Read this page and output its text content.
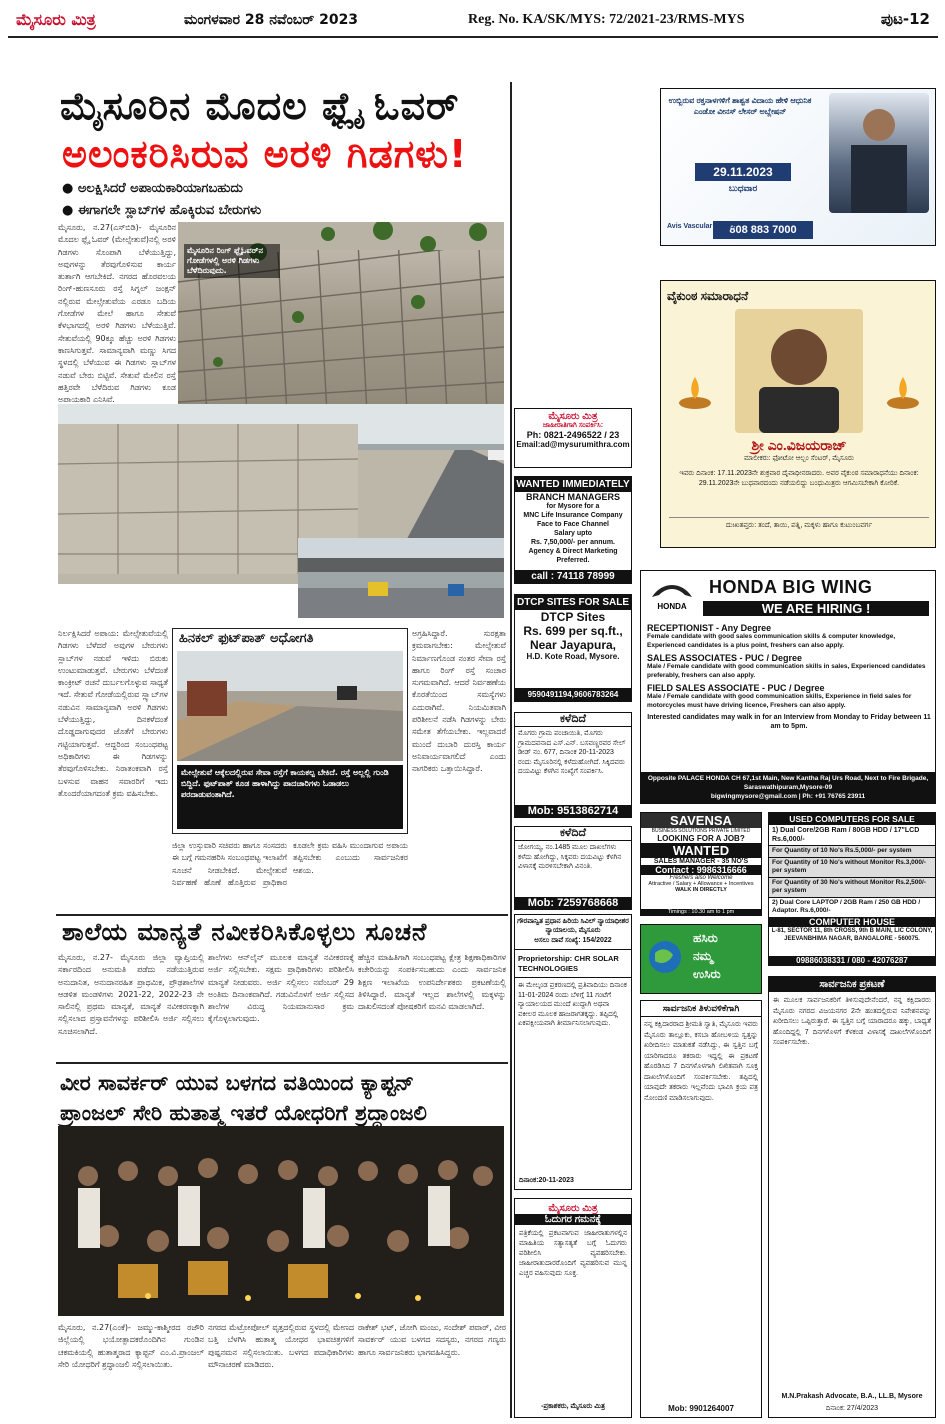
ಮೈಸೂರು ಮಿತ್ರ	ಮಂಗಳವಾರ 28 ನವೆಂಬರ್ 2023	Reg. No. KA/SK/MYS: 72/2021-23/RMS-MYS	ಪುಟ-12
ಮೈಸೂರಿನ ಮೊದಲ ಫ್ಲೈ ಓವರ್
ಅಲಂಕರಿಸಿರುವ ಅರಳಿ ಗಿಡಗಳು!
● ಅಲಕ್ಷಿಸಿದರೆ ಅಪಾಯಕಾರಿಯಾಗಬಹುದು
● ಈಗಾಗಲೇ ಸ್ಲಾಬ್‌ಗಳ ಹೊಕ್ಕಿರುವ ಬೇರುಗಳು
ಮೈಸೂರು, ನ.27(ಎಸ್‌ಬಿಡಿ)- ಮೈಸೂರಿನ ಮೊದಲ ಫ್ಲೈ ಓವರ್ (ಮೇಲ್ಸೇತುವೆ)ನಲ್ಲಿ ಅರಳಿ ಗಿಡಗಳು ಸೊಂಪಾಗಿ ಬೆಳೆಯುತ್ತಿದ್ದು, ಅವುಗಳನ್ನು ತೆರವುಗೊಳಿಸುವ ಕಾರ್ಯ ತುರ್ತಾಗಿ ಆಗಬೇಕಿದೆ. ನಗರದ ಹೊರವಲಯ ರಿಂಗ್-ಹುಣಸೂರು ರಸ್ತೆ ಸಿಗ್ನಲ್ ಜಂಕ್ಷನ್ ನಲ್ಲಿರುವ ಮೇಲ್ಸೇತುವೆಯ ಎರಡೂ ಬದಿಯ ಗೋಡೆಗಳ ಮೇಲೆ ಹಾಗೂ ಸೇತುವೆ ಕೆಳಭಾಗದಲ್ಲಿ ಅರಳಿ ಗಿಡಗಳು ಬೆಳೆಯುತ್ತಿವೆ. ಸೇತುವೆಯಲ್ಲಿ 90ಕ್ಕೂ ಹೆಚ್ಚು ಅರಳಿ ಗಿಡಗಳು ಕಾಣಸಿಗುತ್ತವೆ. ಸಾಮಾನ್ಯವಾಗಿ ಮಣ್ಣು ಸಿಗದ ಸ್ಥಳದಲ್ಲಿ ಬೆಳೆಯುವ ಈ ಗಿಡಗಳು ಸ್ಲಾಬ್‌ಗಳ ನಡುವೆ ಬೇರು ಬಿಟ್ಟಿವೆ. ಸೇತುವೆ ಮೇಲಿನ ರಸ್ತೆ ಹತ್ತಿರವೇ ಬೆಳೆದಿರುವ ಗಿಡಗಳು ಕೂಡ ಅಪಾಯಕಾರಿ ಎನಿಸಿವೆ.
ಮೈಸೂರಿನ ರಿಂಗ್ ಫ್ಲೈಓವರ್‌ನ ಗೋಡೆಗಳಲ್ಲಿ ಅರಳಿ ಗಿಡಗಳು ಬೆಳೆದಿರುವುದು.
ನಿರ್ಲಕ್ಷಿಸಿದರೆ ಅಪಾಯ: ಮೇಲ್ಸೇತುವೆಯಲ್ಲಿ ಗಿಡಗಳು ಬೆಳೆದರೆ ಅವುಗಳ ಬೇರುಗಳು ಸ್ಲಾಬ್‌ಗಳ ನಡುವೆ ಇಳಿದು ಬಿರುಕು ಉಂಟುಮಾಡುತ್ತವೆ. ಬೇರುಗಳು ಬೆಳೆದಂತೆ ಕಾಂಕ್ರೀಟ್ ರಚನೆ ದುರ್ಬಲಗೊಳ್ಳುವ ಸಾಧ್ಯತೆ ಇದೆ. ಸೇತುವೆ ಗೋಡೆಯಲ್ಲಿರುವ ಸ್ಲ್ಯಾಬ್‌ಗಳ ನಡುವಿನ ಸಾಮಾನ್ಯವಾಗಿ ಅರಳಿ ಗಿಡಗಳು ಬೆಳೆಯುತ್ತಿದ್ದು, ದಿನಕಳೆದಂತೆ ದೊಡ್ಡದಾಗುವುದರ ಜೊತೆಗೆ ಬೇರುಗಳು ಗಟ್ಟಿಯಾಗುತ್ತವೆ. ಆದ್ದರಿಂದ ಸಂಬಂಧಪಟ್ಟ ಅಧಿಕಾರಿಗಳು ಈ ಗಿಡಗಳನ್ನು ತೆರವುಗೊಳಿಸಬೇಕು. ನಿರಾತಂಕವಾಗಿ ರಸ್ತೆ ಬಳಸುವ ವಾಹನ ಸವಾರರಿಗೆ ಇದು ತೊಂದರೆಯಾಗದಂತೆ ಕ್ರಮ ವಹಿಸಬೇಕು.
ಹಿನಕಲ್ ಫುಟ್‌ಪಾತ್ ಅಧೋಗತಿ
ಮೇಲ್ಸೇತುವೆ ಆಕ್ಕೆಲದಲ್ಲಿರುವ ಸೇವಾ ರಸ್ತೆಗೆ ಕಾಯಕಲ್ಪ ಬೇಕಿದೆ. ರಸ್ತೆ ಅಲ್ಲಲ್ಲಿ ಗುಂಡಿ ಬಿದ್ದಿದೆ. ಫುಟ್‌ಪಾತ್ ಕೂಡ ಹಾಳಾಗಿದ್ದು ಪಾದಚಾರಿಗಳು ಓಡಾಡಲು ಪರದಾಡುವಂತಾಗಿದೆ.
ಅಗ್ರಹಿಸಿದ್ದಾರೆ. ಸುರಕ್ಷತಾ ಕ್ರಮವಾಗಬೇಕು: ಮೇಲ್ಸೇತುವೆ ನಿರ್ಮಾಣಗೊಂಡ ನಂತರ ಸೇವಾ ರಸ್ತೆ ಹಾಗೂ ರಿಂಗ್ ರಸ್ತೆ ಸಂಚಾರ ಸುಗಮವಾಗಿದೆ. ಆದರೆ ನಿರ್ವಹಣೆಯ ಕೊರತೆಯಿಂದ ಸಮಸ್ಯೆಗಳು ಎದುರಾಗಿವೆ. ನಿಯಮಿತವಾಗಿ ಪರಿಶೀಲನೆ ನಡೆಸಿ ಗಿಡಗಳನ್ನು ಬೇರು ಸಮೇತ ತೆಗೆಯಬೇಕು. ಇಲ್ಲವಾದರೆ ಮುಂದೆ ದುಬಾರಿ ದುರಸ್ತಿ ಕಾರ್ಯ ಅನಿವಾರ್ಯವಾಗಲಿದೆ ಎಂದು ನಾಗರಿಕರು ಒತ್ತಾಯಿಸಿದ್ದಾರೆ.
ಜಿಲ್ಲಾ ಉಸ್ತುವಾರಿ ಸಚಿವರು ಹಾಗೂ ಸಂಸದರು ಈ ಬಗ್ಗೆ ಗಮನಹರಿಸಿ ಸಂಬಂಧಪಟ್ಟ ಇಲಾಖೆಗೆ ಸೂಚನೆ ನೀಡಬೇಕಿದೆ. ಮೇಲ್ಸೇತುವೆ ನಿರ್ವಹಣೆ ಹೊಣೆ ಹೊತ್ತಿರುವ ಪ್ರಾಧಿಕಾರ ಕೂಡಲೇ ಕ್ರಮ ವಹಿಸಿ ಮುಂದಾಗುವ ಅಪಾಯ ತಪ್ಪಿಸಬೇಕು ಎಂಬುದು ಸಾರ್ವಜನಿಕರ ಆಶಯ.
ಶಾಲೆಯ ಮಾನ್ಯತೆ ನವೀಕರಿಸಿಕೊಳ್ಳಲು ಸೂಚನೆ
ಮೈಸೂರು, ನ.27- ಮೈಸೂರು ಜಿಲ್ಲಾ ವ್ಯಾಪ್ತಿಯಲ್ಲಿ ಸರ್ಕಾರದಿಂದ ಅನುಮತಿ ಪಡೆದು ನಡೆಯುತ್ತಿರುವ ಅನುದಾನಿತ, ಅನುದಾನರಹಿತ ಪ್ರಾಥಮಿಕ, ಪ್ರೌಢಶಾಲೆಗಳ ಆಡಳಿತ ಮಂಡಳಿಗಳು 2021-22, 2022-23 ನೇ ಸಾಲಿನಲ್ಲಿ ಪ್ರಥಮ ಮಾನ್ಯತೆ, ಮಾನ್ಯತೆ ನವೀಕರಣಕ್ಕಾಗಿ ಸಲ್ಲಿಸಲಾದ ಪ್ರಸ್ತಾವನೆಗಳನ್ನು ಪರಿಶೀಲಿಸಿ ಅರ್ಜಿ ಸಲ್ಲಿಸಲು ಸೂಚಿಸಲಾಗಿದೆ.
ಶಾಲೆಗಳು ಆನ್‌ಲೈನ್ ಮೂಲಕ ಮಾನ್ಯತೆ ನವೀಕರಣಕ್ಕೆ ಅರ್ಜಿ ಸಲ್ಲಿಸಬೇಕು. ಸಕ್ಷಮ ಪ್ರಾಧಿಕಾರಿಗಳು ಪರಿಶೀಲಿಸಿ ಮಾನ್ಯತೆ ನೀಡುವರು. ಅರ್ಜಿ ಸಲ್ಲಿಸಲು ನವೆಂಬರ್ 29 ಅಂತಿಮ ದಿನಾಂಕವಾಗಿದೆ. ಗಡುವಿನೊಳಗೆ ಅರ್ಜಿ ಸಲ್ಲಿಸದ ಶಾಲೆಗಳ ವಿರುದ್ಧ ನಿಯಮಾನುಸಾರ ಕ್ರಮ ಕೈಗೊಳ್ಳಲಾಗುವುದು.
ಹೆಚ್ಚಿನ ಮಾಹಿತಿಗಾಗಿ ಸಂಬಂಧಪಟ್ಟ ಕ್ಷೇತ್ರ ಶಿಕ್ಷಣಾಧಿಕಾರಿಗಳ ಕಚೇರಿಯನ್ನು ಸಂಪರ್ಕಿಸಬಹುದು ಎಂದು ಸಾರ್ವಜನಿಕ ಶಿಕ್ಷಣ ಇಲಾಖೆಯ ಉಪನಿರ್ದೇಶಕರು ಪ್ರಕಟಣೆಯಲ್ಲಿ ತಿಳಿಸಿದ್ದಾರೆ. ಮಾನ್ಯತೆ ಇಲ್ಲದ ಶಾಲೆಗಳಲ್ಲಿ ಮಕ್ಕಳನ್ನು ದಾಖಲಿಸದಂತೆ ಪೋಷಕರಿಗೆ ಮನವಿ ಮಾಡಲಾಗಿದೆ.
ವೀರ ಸಾವರ್ಕರ್ ಯುವ ಬಳಗದ ವತಿಯಿಂದ ಕ್ಯಾಪ್ಟನ್
ಪ್ರಾಂಜಲ್ ಸೇರಿ ಹುತಾತ್ಮ ಇತರೆ ಯೋಧರಿಗೆ ಶ್ರದ್ಧಾಂಜಲಿ
ಮೈಸೂರು, ನ.27(ಎಂಕೆ)- ಜಮ್ಮು-ಕಾಶ್ಮೀರದ ರಜೌರಿ ಜಿಲ್ಲೆಯಲ್ಲಿ ಭಯೋತ್ಪಾದಕರೊಂದಿಗಿನ ಗುಂಡಿನ ಚಕಮಕಿಯಲ್ಲಿ ಹುತಾತ್ಮರಾದ ಕ್ಯಾಪ್ಟನ್ ಎಂ.ವಿ.ಪ್ರಾಂಜಲ್ ಸೇರಿ ಯೋಧರಿಗೆ ಶ್ರದ್ಧಾಂಜಲಿ ಸಲ್ಲಿಸಲಾಯಿತು.
ನಗರದ ಮೆಟ್ರೋಪೋಲ್ ವೃತ್ತದಲ್ಲಿರುವ ಸ್ಥಳದಲ್ಲಿ ಮೇಣದ ಬತ್ತಿ ಬೆಳಗಿಸಿ ಹುತಾತ್ಮ ಯೋಧರ ಭಾವಚಿತ್ರಗಳಿಗೆ ಪುಷ್ಪನಮನ ಸಲ್ಲಿಸಲಾಯಿತು. ಬಳಗದ ಪದಾಧಿಕಾರಿಗಳು ಮೌನಾಚರಣೆ ಮಾಡಿದರು.
ರಾಕೇಶ್ ಭಟ್, ಜೋಗಿ ಮಂಜು, ಸಂದೇಶ್ ಪವಾರ್, ವೀರ ಸಾವರ್ಕರ್ ಯುವ ಬಳಗದ ಸದಸ್ಯರು, ನಗರದ ಗಣ್ಯರು ಹಾಗೂ ಸಾರ್ವಜನಿಕರು ಭಾಗವಹಿಸಿದ್ದರು.
ಉಬ್ಬಿರುವ ರಕ್ತನಾಳಗಳಿಗೆ ಶಾಶ್ವತ ವಿದಾಯ ಹೇಳಿ ಆಧುನಿಕ ಎಂಡೋ ವೀನಸ್ ಲೇಸರ್ ಅಬ್ಲೇಷನ್
29.11.2023
ಬುಧವಾರ
808 883 7000
Avis Vascular Centre
ವೈಕುಂಠ ಸಮಾರಾಧನೆ
ಶ್ರೀ ಎಂ.ವಿಜಯರಾಜ್
ಮಾಲೀಕರು: ಫೋಟೋ ಆಲ್ಬಂ ಸೆಂಟರ್, ಮೈಸೂರು
ಇವರು ದಿನಾಂಕ: 17.11.2023ನೇ ಶುಕ್ರವಾರ ದೈವಾಧೀನರಾದರು. ಅವರ ವೈಕುಂಠ ಸಮಾರಾಧನೆಯು ದಿನಾಂಕ: 29.11.2023ನೇ ಬುಧವಾರದಂದು ನಡೆಯಲಿದ್ದು ಬಂಧುಮಿತ್ರರು ಆಗಮಿಸಬೇಕಾಗಿ ಕೋರಿಕೆ.
ದುಃಖತಪ್ತರು: ತಂದೆ, ತಾಯಿ, ಪತ್ನಿ, ಮಕ್ಕಳು ಹಾಗೂ ಕುಟುಂಬವರ್ಗ
ಮೈಸೂರು ಮಿತ್ರ
ಜಾಹೀರಾತಿಗಾಗಿ ಸಂಪರ್ಕಿಸಿ:
Ph: 0821-2496522 / 23
Email:ad@mysurumithra.com
WANTED IMMEDIATELY
BRANCH MANAGERS
for Mysore for a
MNC Life Insurance Company
Face to Face Channel
Salary upto
Rs. 7,50,000/- per annum.
Agency & Direct Marketing Preferred.
call : 74118 78999
DTCP SITES FOR SALE
DTCP Sites
Rs. 699 per sq.ft.,
Near Jayapura,
H.D. Kote Road, Mysore.
9590491194,9606783264
ಕಳೆದಿದೆ
ಮೊಗರು ಗ್ರಾಮ ಪಂಚಾಯಿತಿ, ಮೊಗರು ಗ್ರಾಮದವನಾದ ಎಸ್.ಎನ್. ಬಸವಣ್ಣರವರ ಸೇಲ್ ಡೀಡ್ ನಂ. 677, ದಿನಾಂಕ 20-11-2023 ರಂದು ಮೈಸೂರಿನಲ್ಲಿ ಕಳೆದುಹೋಗಿದೆ. ಸಿಕ್ಕಿದವರು ದಯವಿಟ್ಟು ಕೆಳಗಿನ ಸಂಖ್ಯೆಗೆ ಸಂಪರ್ಕಿಸಿ.
Mob: 9513862714
ಕಳೆದಿದೆ
ಜೋಗಯ್ಯ, ನಂ.1485 ಮೂಲ ದಾಖಲೆಗಳು ಕಳೆದು ಹೋಗಿದ್ದು, ಸಿಕ್ಕವರು ದಯವಿಟ್ಟು ಕೆಳಗಿನ ವಿಳಾಸಕ್ಕೆ ಮರಳಿಸಬೇಕಾಗಿ ವಿನಂತಿ.
Mob: 7259768668
HONDA
HONDA BIG WING
WE ARE HIRING !
RECEPTIONIST - Any Degree
Female candidate with good sales communication skills & computer knowledge, Experienced candidates is a plus point, freshers can also apply.
SALES ASSOCIATES - PUC / Degree
Male / Female candidate with good communication skills in sales, Experienced candidates preferably, freshers can also apply.
FIELD SALES ASSOCIATE - PUC / Degree
Male / Female candidate with good communication skills, Experience in field sales for motorcycles must have driving licence, Freshers can also apply.
Interested candidates may walk in for an Interview from Monday to Friday between 11 am to 5pm.
Opposite PALACE HONDA CH 67,1st Main, New Kantha Raj Urs Road, Next to Fire Brigade, Saraswathipuram,Mysore-09
bigwingmysore@gmail.com | Ph: +91 76765 23911
SAVENSA
BUSINESS SOLUTIONS PRIVATE LIMITED
LOOKING FOR A JOB?
WANTED
SALES MANAGER - 35 NO'S
Contact : 9986316666
Freshers also Welcome
Attractive / Salary + Allowance + Incentives
WALK IN DIRECTLY
Timings : 10.30 am to 1 pm
USED COMPUTERS FOR SALE
1) Dual Core/2GB Ram / 80GB HDD / 17"LCD Rs.6,000/-
For Quantity of 10 No's Rs.5,000/- per system
For Quantity of 10 No's without Monitor Rs.3,000/- per system
For Quantity of 30 No's without Monitor Rs.2,500/- per system
2) Dual Core LAPTOP / 2GB Ram / 250 GB HDD / Adaptor. Rs.6,000/-
COMPUTER HOUSE
L-81, SECTOR 11, 8th CROSS, 9th B MAIN, LIC COLONY, JEEVANBHIMA NAGAR, BANGALORE - 560075.
09886038331 / 080 - 42076287
ಗೌರವಾನ್ವಿತ ಪ್ರಧಾನ ಹಿರಿಯ ಸಿವಿಲ್ ನ್ಯಾಯಾಧೀಶರ ನ್ಯಾಯಾಲಯ, ಮೈಸೂರು
ಅಸಲು ದಾವೆ ಸಂಖ್ಯೆ: 154/2022
Proprietorship: CHR SOLAR TECHNOLOGIES
ಈ ಮೇಲ್ಕಂಡ ಪ್ರಕರಣದಲ್ಲಿ ಪ್ರತಿವಾದಿಯು ದಿನಾಂಕ 11-01-2024 ರಂದು ಬೆಳಿಗ್ಗೆ 11 ಗಂಟೆಗೆ ನ್ಯಾಯಾಲಯದ ಮುಂದೆ ಖುದ್ದಾಗಿ ಅಥವಾ ವಕೀಲರ ಮೂಲಕ ಹಾಜರಾಗತಕ್ಕದ್ದು. ತಪ್ಪಿದಲ್ಲಿ ಏಕಪಕ್ಷೀಯವಾಗಿ ತೀರ್ಮಾನಿಸಲಾಗುವುದು.
ದಿನಾಂಕ:20-11-2023
ಹಸಿರು
ನಮ್ಮ
ಉಸಿರು
ಸಾರ್ವಜನಿಕ ತಿಳುವಳಿಕೆಗಾಗಿ
ನನ್ನ ಕಕ್ಷಿದಾರರಾದ ಶ್ರೀಮತಿ ಸ್ವಾತಿ, ಮೈಸೂರು ಇವರು ಮೈಸೂರು ತಾಲ್ಲೂಕು, ಕಸಬಾ ಹೋಬಳಿಯ ಸ್ವತ್ತನ್ನು ಖರೀದಿಸಲು ಮಾತುಕತೆ ನಡೆಸಿದ್ದು, ಈ ಸ್ವತ್ತಿನ ಬಗ್ಗೆ ಯಾರಿಗಾದರೂ ತಕರಾರು ಇದ್ದಲ್ಲಿ ಈ ಪ್ರಕಟಣೆ ಹೊರಡಿಸಿದ 7 ದಿನಗಳೊಳಗಾಗಿ ಲಿಖಿತವಾಗಿ ಸೂಕ್ತ ದಾಖಲೆಗಳೊಂದಿಗೆ ಸಂಪರ್ಕಿಸಬೇಕು. ತಪ್ಪಿದಲ್ಲಿ ಯಾವುದೇ ತಕರಾರು ಇಲ್ಲವೆಂದು ಭಾವಿಸಿ ಕ್ರಯ ಪತ್ರ ನೋಂದಣಿ ಮಾಡಿಸಲಾಗುವುದು.
Mob: 9901264007
ಸಾರ್ವಜನಿಕ ಪ್ರಕಟಣೆ
ಈ ಮೂಲಕ ಸಾರ್ವಜನಿಕರಿಗೆ ತಿಳಿಸುವುದೇನೆಂದರೆ, ನನ್ನ ಕಕ್ಷಿದಾರರು ಮೈಸೂರು ನಗರದ ವಿಜಯನಗರ 2ನೇ ಹಂತದಲ್ಲಿರುವ ನಿವೇಶನವನ್ನು ಖರೀದಿಸಲು ಒಪ್ಪಿರುತ್ತಾರೆ. ಈ ಸ್ವತ್ತಿನ ಬಗ್ಗೆ ಯಾರಾದರೂ ಹಕ್ಕು, ಬಾಧ್ಯತೆ ಹೊಂದಿದ್ದಲ್ಲಿ 7 ದಿನಗಳೊಳಗೆ ಕೆಳಕಂಡ ವಿಳಾಸಕ್ಕೆ ದಾಖಲೆಗಳೊಂದಿಗೆ ಸಂಪರ್ಕಿಸಬೇಕು.
M.N.Prakash Advocate, B.A., LL.B, Mysore
ದಿನಾಂಕ: 27/4/2023
ಮೈಸೂರು ಮಿತ್ರ
ಓದುಗರ ಗಮನಕ್ಕೆ
ಪತ್ರಿಕೆಯಲ್ಲಿ ಪ್ರಕಟವಾಗುವ ಜಾಹೀರಾತುಗಳಲ್ಲಿನ ಮಾಹಿತಿಯ ಸತ್ಯಾಸತ್ಯತೆ ಬಗ್ಗೆ ಓದುಗರು ಪರಿಶೀಲಿಸಿ ವ್ಯವಹರಿಸಬೇಕು. ಜಾಹೀರಾತುದಾರರೊಂದಿಗೆ ವ್ಯವಹರಿಸುವ ಮುನ್ನ ಎಚ್ಚರ ವಹಿಸುವುದು ಸೂಕ್ತ.
-ಪ್ರಕಾಶಕರು, ಮೈಸೂರು ಮಿತ್ರ
